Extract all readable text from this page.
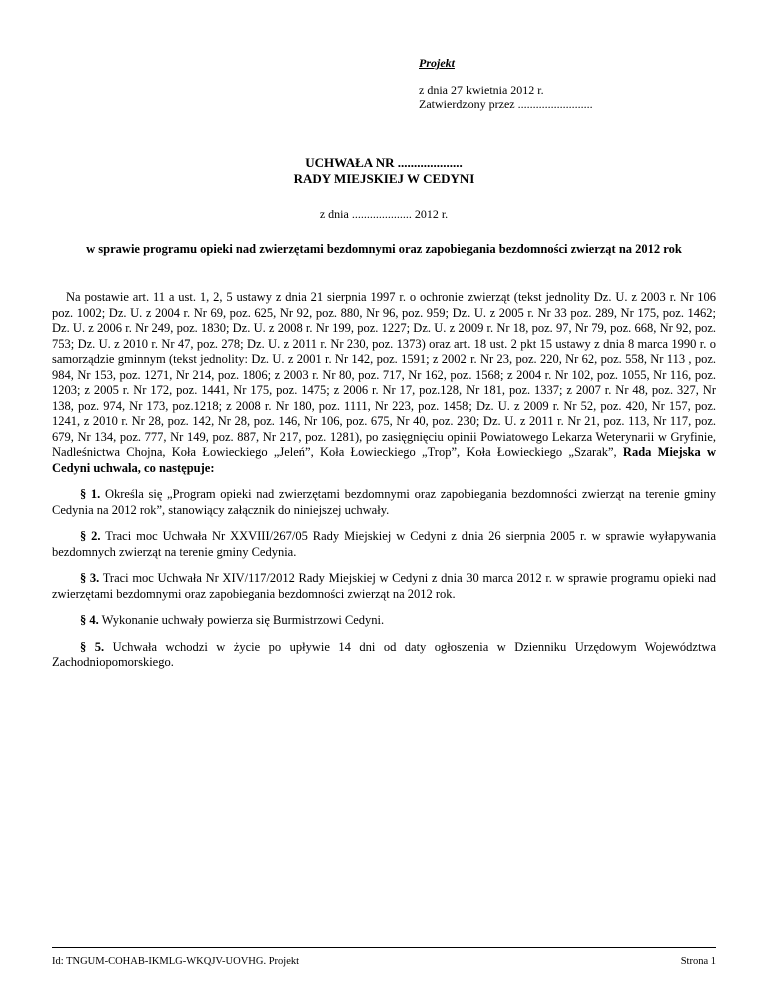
Projekt
z dnia 27 kwietnia 2012 r.
Zatwierdzony przez .........................
UCHWAŁA NR ....................
RADY MIEJSKIEJ W CEDYNI
z dnia .................... 2012 r.
w sprawie programu opieki nad zwierzętami bezdomnymi oraz zapobiegania bezdomności zwierząt na 2012 rok

Na postawie art. 11 a ust. 1, 2, 5 ustawy z dnia 21 sierpnia 1997 r. o ochronie zwierząt (tekst jednolity Dz. U. z 2003 r. Nr 106 poz. 1002; Dz. U. z 2004 r. Nr 69, poz. 625, Nr 92, poz. 880, Nr 96, poz. 959; Dz. U. z 2005 r. Nr 33 poz. 289, Nr 175, poz. 1462; Dz. U. z 2006 r. Nr 249, poz. 1830; Dz. U. z 2008 r. Nr 199, poz. 1227; Dz. U. z 2009 r. Nr 18, poz. 97, Nr 79, poz. 668, Nr 92, poz. 753; Dz. U. z 2010 r. Nr 47, poz. 278; Dz. U. z 2011 r. Nr 230, poz. 1373) oraz art. 18 ust. 2 pkt 15 ustawy z dnia 8 marca 1990 r. o samorządzie gminnym (tekst jednolity: Dz. U. z 2001 r. Nr 142, poz. 1591; z 2002 r. Nr 23, poz. 220, Nr 62, poz. 558, Nr 113 , poz. 984, Nr 153, poz. 1271, Nr 214, poz. 1806; z 2003 r. Nr 80, poz. 717, Nr 162, poz. 1568; z 2004 r. Nr 102, poz. 1055, Nr 116, poz. 1203; z 2005 r. Nr 172, poz. 1441, Nr 175, poz. 1475; z 2006 r. Nr 17, poz.128, Nr 181, poz. 1337; z 2007 r. Nr 48, poz. 327, Nr 138, poz. 974, Nr 173, poz.1218; z 2008 r. Nr 180, poz. 1111, Nr 223, poz. 1458; Dz. U. z 2009 r. Nr 52, poz. 420, Nr 157, poz. 1241, z 2010 r. Nr 28, poz. 142, Nr 28, poz. 146, Nr 106, poz. 675, Nr 40, poz. 230; Dz. U. z 2011 r. Nr 21, poz. 113, Nr 117, poz. 679, Nr 134, poz. 777, Nr 149, poz. 887, Nr 217, poz. 1281), po zasięgnięciu opinii Powiatowego Lekarza Weterynarii w Gryfinie, Nadleśnictwa Chojna, Koła Łowieckiego „Jeleń”, Koła Łowieckiego „Trop”, Koła Łowieckiego „Szarak”, Rada Miejska w Cedyni uchwala, co następuje:

§ 1. Określa się „Program opieki nad zwierzętami bezdomnymi oraz zapobiegania bezdomności zwierząt na terenie gminy Cedynia na 2012 rok”, stanowiący załącznik do niniejszej uchwały.

§ 2. Traci moc Uchwała Nr XXVIII/267/05 Rady Miejskiej w Cedyni z dnia 26 sierpnia 2005 r. w sprawie wyłapywania bezdomnych zwierząt na terenie gminy Cedynia.

§ 3. Traci moc Uchwała Nr XIV/117/2012 Rady Miejskiej w Cedyni z dnia 30 marca 2012 r. w sprawie programu opieki nad zwierzętami bezdomnymi oraz zapobiegania bezdomności zwierząt na 2012 rok.

§ 4. Wykonanie uchwały powierza się Burmistrzowi Cedyni.

§ 5. Uchwała wchodzi w życie po upływie 14 dni od daty ogłoszenia w Dzienniku Urzędowym Województwa Zachodniopomorskiego.

Id: TNGUM-COHAB-IKMLG-WKQJV-UOVHG. Projekt	Strona 1
